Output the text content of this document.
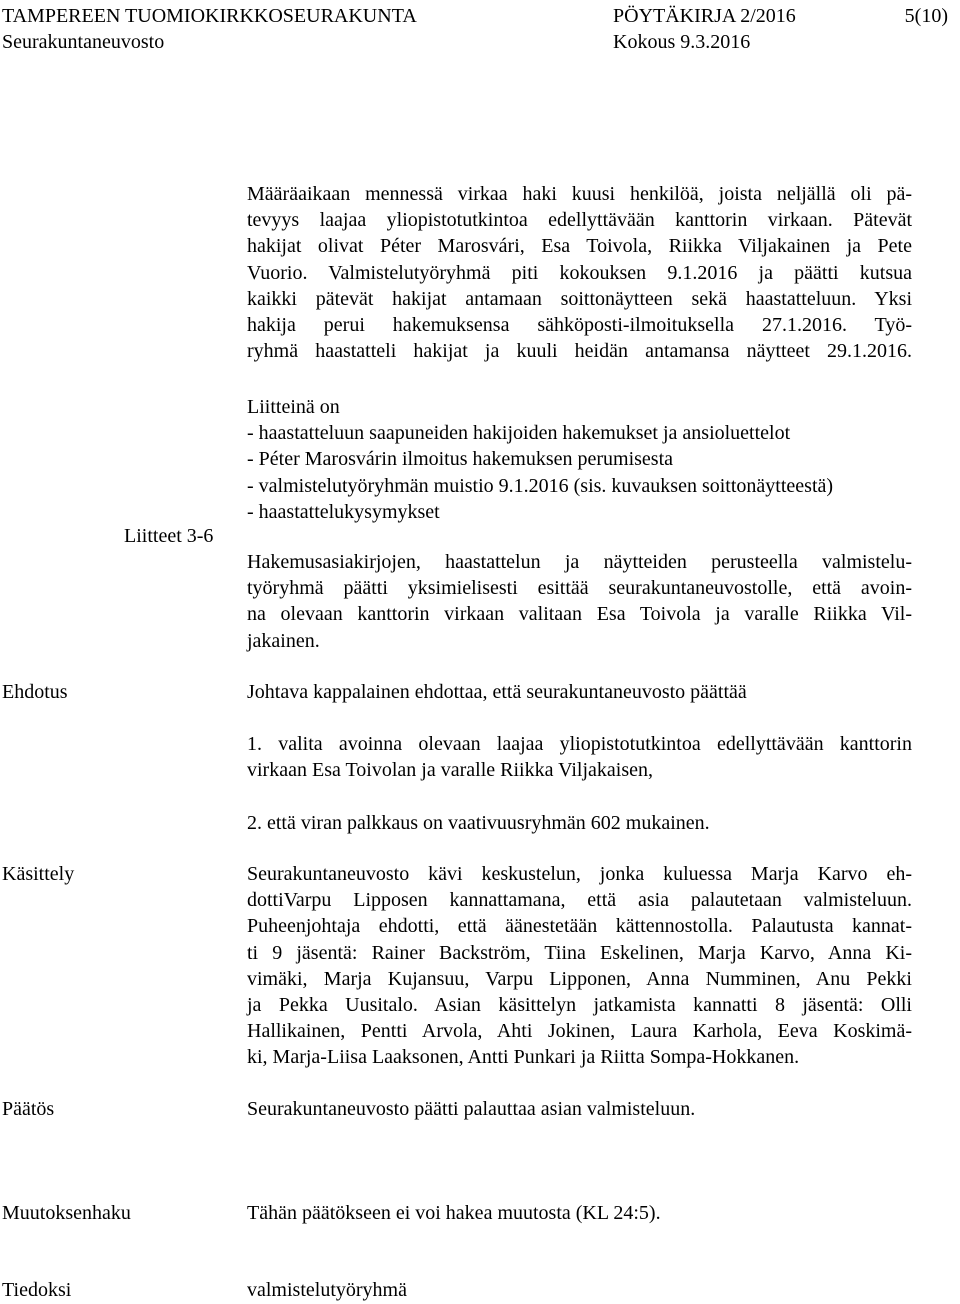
TAMPEREEN TUOMIOKIRKKOSEURAKUNTA	PÖYTÄKIRJA 2/2016	5(10)
Seurakuntaneuvosto	Kokous 9.3.2016
Määräaikaan mennessä virkaa haki kuusi henkilöä, joista neljällä oli pä-
tevyys laajaa yliopistotutkintoa edellyttävään kanttorin virkaan. Pätevät
hakijat olivat Péter Marosvári, Esa Toivola, Riikka Viljakainen ja Pete
Vuorio. Valmistelutyöryhmä piti kokouksen 9.1.2016 ja päätti kutsua
kaikki pätevät hakijat antamaan soittonäytteen sekä haastatteluun. Yksi
hakija perui hakemuksensa sähköposti-ilmoituksella 27.1.2016. Työ-
ryhmä haastatteli hakijat ja kuuli heidän antamansa näytteet 29.1.2016.
Liitteet 3-6
Liitteinä on
- haastatteluun saapuneiden hakijoiden hakemukset ja ansioluettelot
- Péter Marosvárin ilmoitus hakemuksen perumisesta
- valmistelutyöryhmän muistio 9.1.2016 (sis. kuvauksen soittonäytteestä)
- haastattelukysymykset
Hakemusasiakirjojen, haastattelun ja näytteiden perusteella valmistelu-
työryhmä päätti yksimielisesti esittää seurakuntaneuvostolle, että avoin-
na olevaan kanttorin virkaan valitaan Esa Toivola ja varalle Riikka Vil-
jakainen.
Ehdotus	Johtava kappalainen ehdottaa, että seurakuntaneuvosto päättää
1. valita avoinna olevaan laajaa yliopistotutkintoa edellyttävään kanttorin
virkaan Esa Toivolan ja varalle Riikka Viljakaisen,
2. että viran palkkaus on vaativuusryhmän 602 mukainen.
Käsittely	Seurakuntaneuvosto kävi keskustelun, jonka kuluessa Marja Karvo eh-
dottiVarpu Lipposen kannattamana, että asia palautetaan valmisteluun.
Puheenjohtaja ehdotti, että äänestetään kättennostolla. Palautusta kannat-
ti 9 jäsentä: Rainer Backström, Tiina Eskelinen, Marja Karvo, Anna Ki-
vimäki, Marja Kujansuu, Varpu Lipponen, Anna Numminen, Anu Pekki
ja Pekka Uusitalo. Asian käsittelyn jatkamista kannatti 8 jäsentä: Olli
Hallikainen, Pentti Arvola, Ahti Jokinen, Laura Karhola, Eeva Koskimä-
ki, Marja-Liisa Laaksonen, Antti Punkari ja Riitta Sompa-Hokkanen.
Päätös	Seurakuntaneuvosto päätti palauttaa asian valmisteluun.
Muutoksenhaku	Tähän päätökseen ei voi hakea muutosta (KL 24:5).
Tiedoksi	valmistelutyöryhmä
